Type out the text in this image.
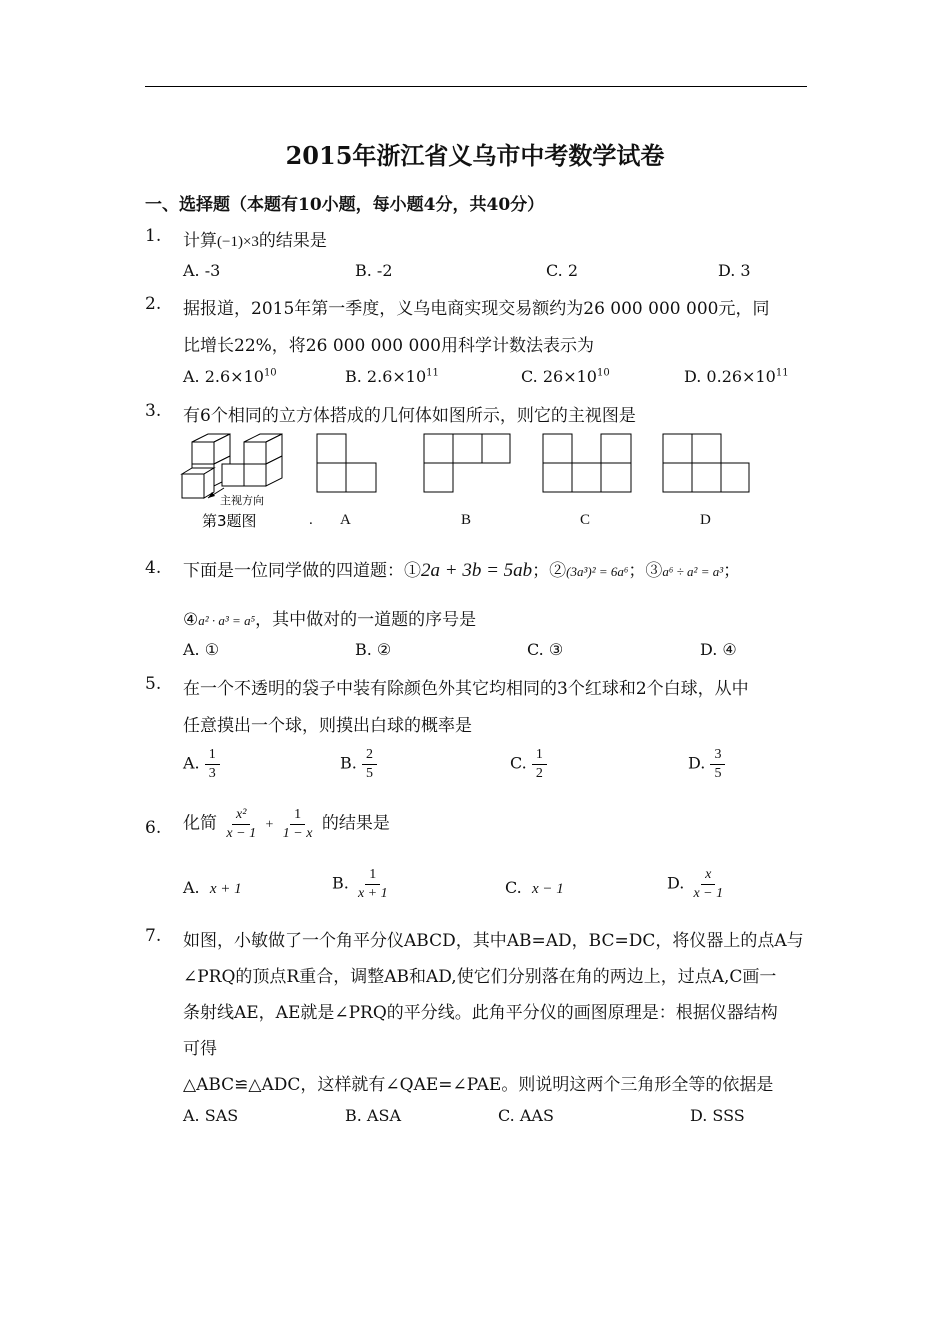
2015年浙江省义乌市中考数学试卷
一、选择题（本题有10小题，每小题4分，共40分）
1. 计算(−1)×3的结果是
A. -3	B. -2	C. 2	D. 3
2. 据报道，2015年第一季度，义乌电商实现交易额约为26 000 000 000元，同
比增长22%，将26 000 000 000用科学计数法表示为
A. $2.6\times 10^{10}$	B. $2.6\times 10^{11}$	C. $26\times 10^{10}$	D. $0.26\times 10^{11}$
3. 有6个相同的立方体搭成的几何体如图所示，则它的主视图是
主视方向
第3题图	. A	B	C	D
4. 下面是一位同学做的四道题：①2a + 3b = 5ab；②(3a³)² = 6a⁶；③a⁶ ÷ a² = a³；
④a² · a³ = a⁵，其中做对的一道题的序号是
A. ①	B. ②	C. ③	D. ④
5. 在一个不透明的袋子中装有除颜色外其它均相同的3个红球和2个白球，从中
任意摸出一个球，则摸出白球的概率是
A. $\frac{1}{3}$	B. $\frac{2}{5}$	C. $\frac{1}{2}$	D. $\frac{3}{5}$
6. 化简 $\frac{\text{x²}}{x - 1} + \frac{1}{1 - x}$ 的结果是
A. x + 1	B. $\frac{1}{x + 1}$	C. x − 1	D. $\frac{x}{x - 1}$
7. 如图，小敏做了一个角平分仪ABCD，其中AB=AD，BC=DC，将仪器上的点A与
∠PRQ的顶点R重合，调整AB和AD,使它们分别落在角的两边上，过点A,C画一
条射线AE，AE就是∠PRQ的平分线。此角平分仪的画图原理是：根据仪器结构
可得
△ABC≌△ADC，这样就有∠QAE=∠PAE。则说明这两个三角形全等的依据是
A. SAS	B. ASA	C. AAS	D. SSS
